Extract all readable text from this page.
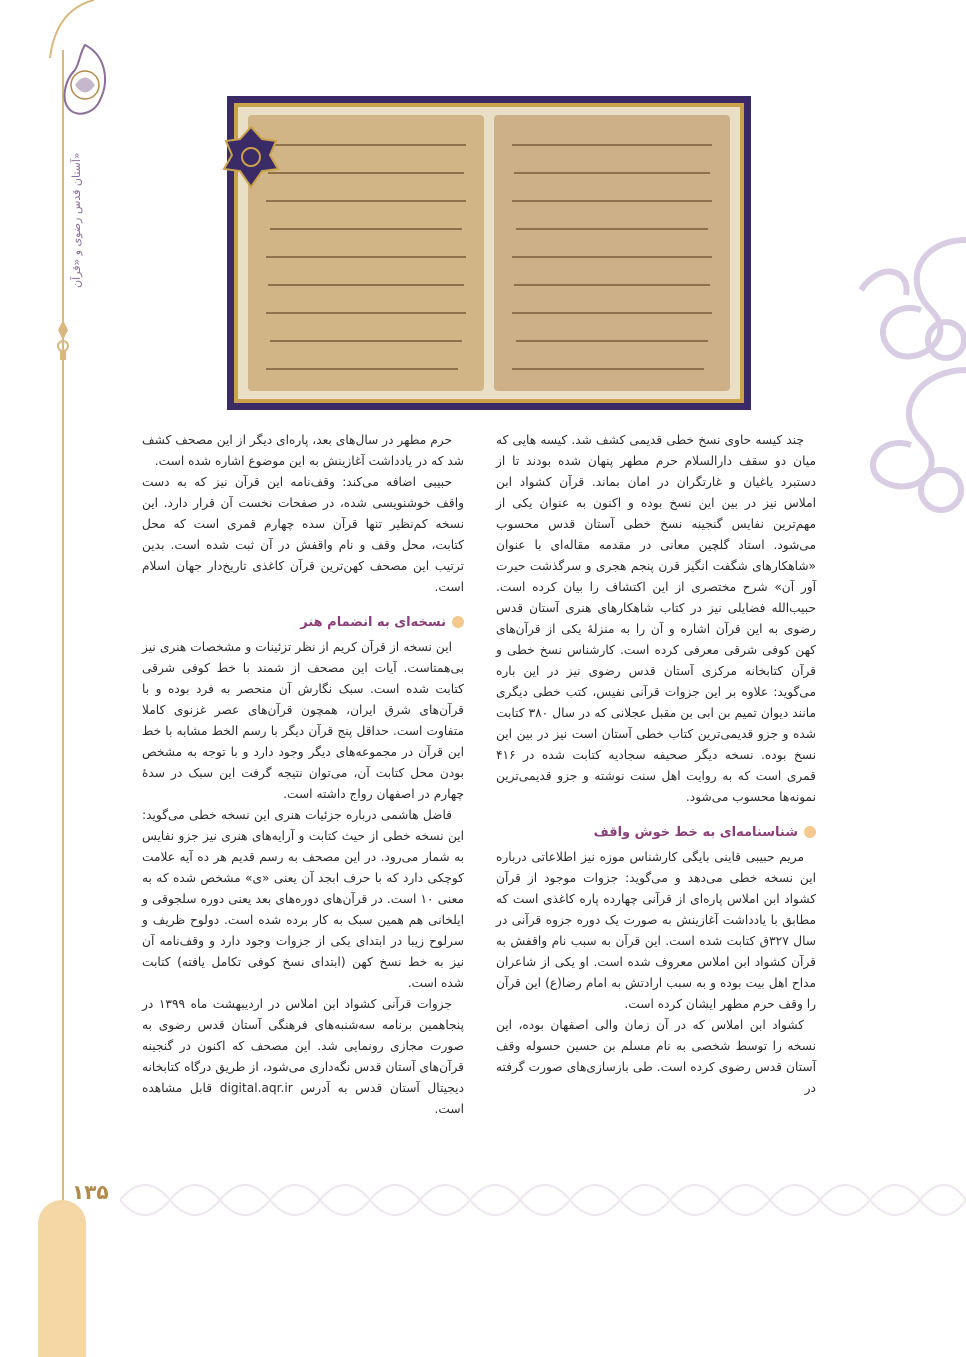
آستان قدس رضوی و «قرآن»
۱۳۵

چند کیسه حاوی نسخ خطی قدیمی کشف شد. کیسه هایی که میان دو سقف دارالسلام حرم مطهر پنهان شده بودند تا از دستبرد یاغیان و غارتگران در امان بماند. قرآن کشواد ابن املاس نیز در بین این نسخ بوده و اکنون به عنوان یکی از مهم‌ترین نفایس گنجینه نسخ خطی آستان قدس محسوب می‌شود. استاد گلچین معانی در مقدمه مقاله‌ای با عنوان «شاهکارهای شگفت انگیز قرن پنجم هجری و سرگذشت حیرت آور آن» شرح مختصری از این اکتشاف را بیان کرده است. حبیب‌الله فضایلی نیز در کتاب شاهکارهای هنری آستان قدس رضوی به این قرآن اشاره و آن را به منزلهٔ یکی از قرآن‌های کهن کوفی شرقی معرفی کرده است. کارشناس نسخ خطی و قرآن کتابخانه مرکزی آستان قدس رضوی نیز در این باره می‌گوید: علاوه بر این جزوات قرآنی نفیس، کتب خطی دیگری مانند دیوان تمیم بن ابی بن مقبل عجلانی که در سال ۳۸۰ کتابت شده و جزو قدیمی‌ترین کتاب خطی آستان است نیز در بین این نسخ بوده. نسخه دیگر صحیفه سجادیه کتابت شده در ۴۱۶ قمری است که به روایت اهل سنت نوشته و جزو قدیمی‌ترین نمونه‌ها محسوب می‌شود.

شناسنامه‌ای به خط خوش واقف

مریم حبیبی قاینی بایگی کارشناس موزه نیز اطلاعاتی درباره این نسخه خطی می‌دهد و می‌گوید: جزوات موجود از قرآن کشواد ابن املاس پاره‌ای از قرآنی چهارده پاره کاغذی است که مطابق با یادداشت آغازینش به صورت یک دوره جزوه قرآنی در سال ۳۲۷ق کتابت شده است. این قرآن به سبب نام واقفش به قرآن کشواد ابن املاس معروف شده است. او یکی از شاعران مداح اهل بیت بوده و به سبب ارادتش به امام رضا(ع) این قرآن را وقف حرم مطهر ایشان کرده است.

کشواد ابن املاس که در آن زمان والی اصفهان بوده، این نسخه را توسط شخصی به نام مسلم بن حسین حسوله وقف آستان قدس رضوی کرده است. طی بازسازی‌های صورت گرفته در

حرم مطهر در سال‌های بعد، پاره‌ای دیگر از این مصحف کشف شد که در یادداشت آغازینش به این موضوع اشاره شده است.

حبیبی اضافه می‌کند: وقف‌نامه این قرآن نیز که به دست واقف خوشنویسی شده، در صفحات نخست آن قرار دارد. این نسخه کم‌نظیر تنها قرآن سده چهارم قمری است که محل کتابت، محل وقف و نام واقفش در آن ثبت شده است. بدین ترتیب این مصحف کهن‌ترین قرآن کاغذی تاریخ‌دار جهان اسلام است.

نسخه‌ای به انضمام هنر

این نسخه از قرآن کریم از نظر تزئینات و مشخصات هنری نیز بی‌همتاست. آیات این مصحف از شمند با خط کوفی شرقی کتابت شده است. سبک نگارش آن منحصر به فرد بوده و با قرآن‌های شرق ایران، همچون قرآن‌های عصر غزنوی کاملا متفاوت است. حداقل پنج قرآن دیگر با رسم الخط مشابه با خط این قرآن در مجموعه‌های دیگر وجود دارد و با توجه به مشخص بودن محل کتابت آن، می‌توان نتیجه گرفت این سبک در سدهٔ چهارم در اصفهان رواج داشته است.

فاضل هاشمی درباره جزئیات هنری این نسخه خطی می‌گوید: این نسخه خطی از حیث کتابت و آرایه‌های هنری نیز جزو نفایس به شمار می‌رود. در این مصحف به رسم قدیم هر ده آیه علامت کوچکی دارد که با حرف ابجد آن یعنی «ی» مشخص شده که به معنی ۱۰ است. در قرآن‌های دوره‌های بعد یعنی دوره سلجوقی و ایلخانی هم همین سبک به کار برده شده است. دولوح ظریف و سرلوح زیبا در ابتدای یکی از جزوات وجود دارد و وقف‌نامه آن نیز به خط نسخ کهن (ابتدای نسخ کوفی تکامل یافته) کتابت شده است.

جزوات قرآنی کشواد ابن املاس در اردیبهشت ماه ۱۳۹۹ در پنجاهمین برنامه سه‌شنبه‌های فرهنگی آستان قدس رضوی به صورت مجازی رونمایی شد. این مصحف که اکنون در گنجینه قرآن‌های آستان قدس نگه‌داری می‌شود، از طریق درگاه کتابخانه دیجیتال آستان قدس به آدرس digital.aqr.ir قابل مشاهده است.
